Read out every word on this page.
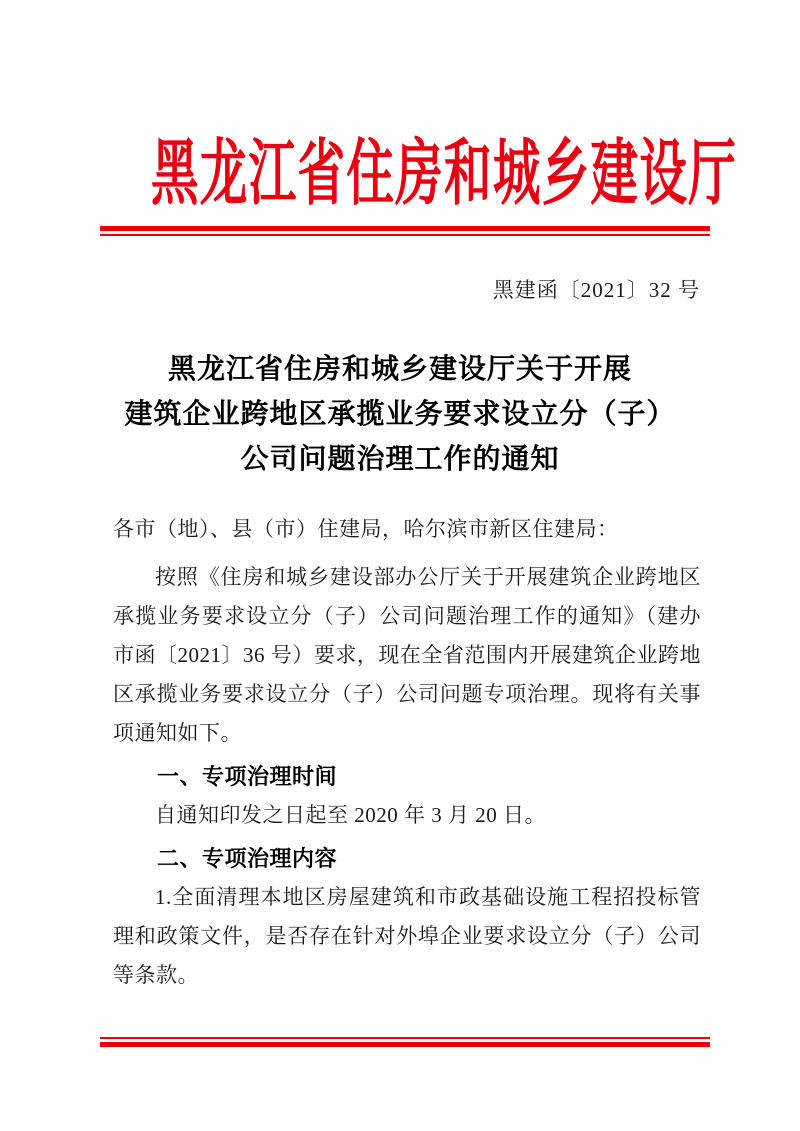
黑龙江省住房和城乡建设厅
黑建函〔2021〕32 号
黑龙江省住房和城乡建设厅关于开展
建筑企业跨地区承揽业务要求设立分（子）
公司问题治理工作的通知

各市（地）、县（市）住建局，哈尔滨市新区住建局：

按照《住房和城乡建设部办公厅关于开展建筑企业跨地区承揽业务要求设立分（子）公司问题治理工作的通知》（建办市函〔2021〕36 号）要求，现在全省范围内开展建筑企业跨地区承揽业务要求设立分（子）公司问题专项治理。现将有关事项通知如下。

一、专项治理时间

自通知印发之日起至 2020 年 3 月 20 日。

二、专项治理内容

1.全面清理本地区房屋建筑和市政基础设施工程招投标管理和政策文件，是否存在针对外埠企业要求设立分（子）公司等条款。
